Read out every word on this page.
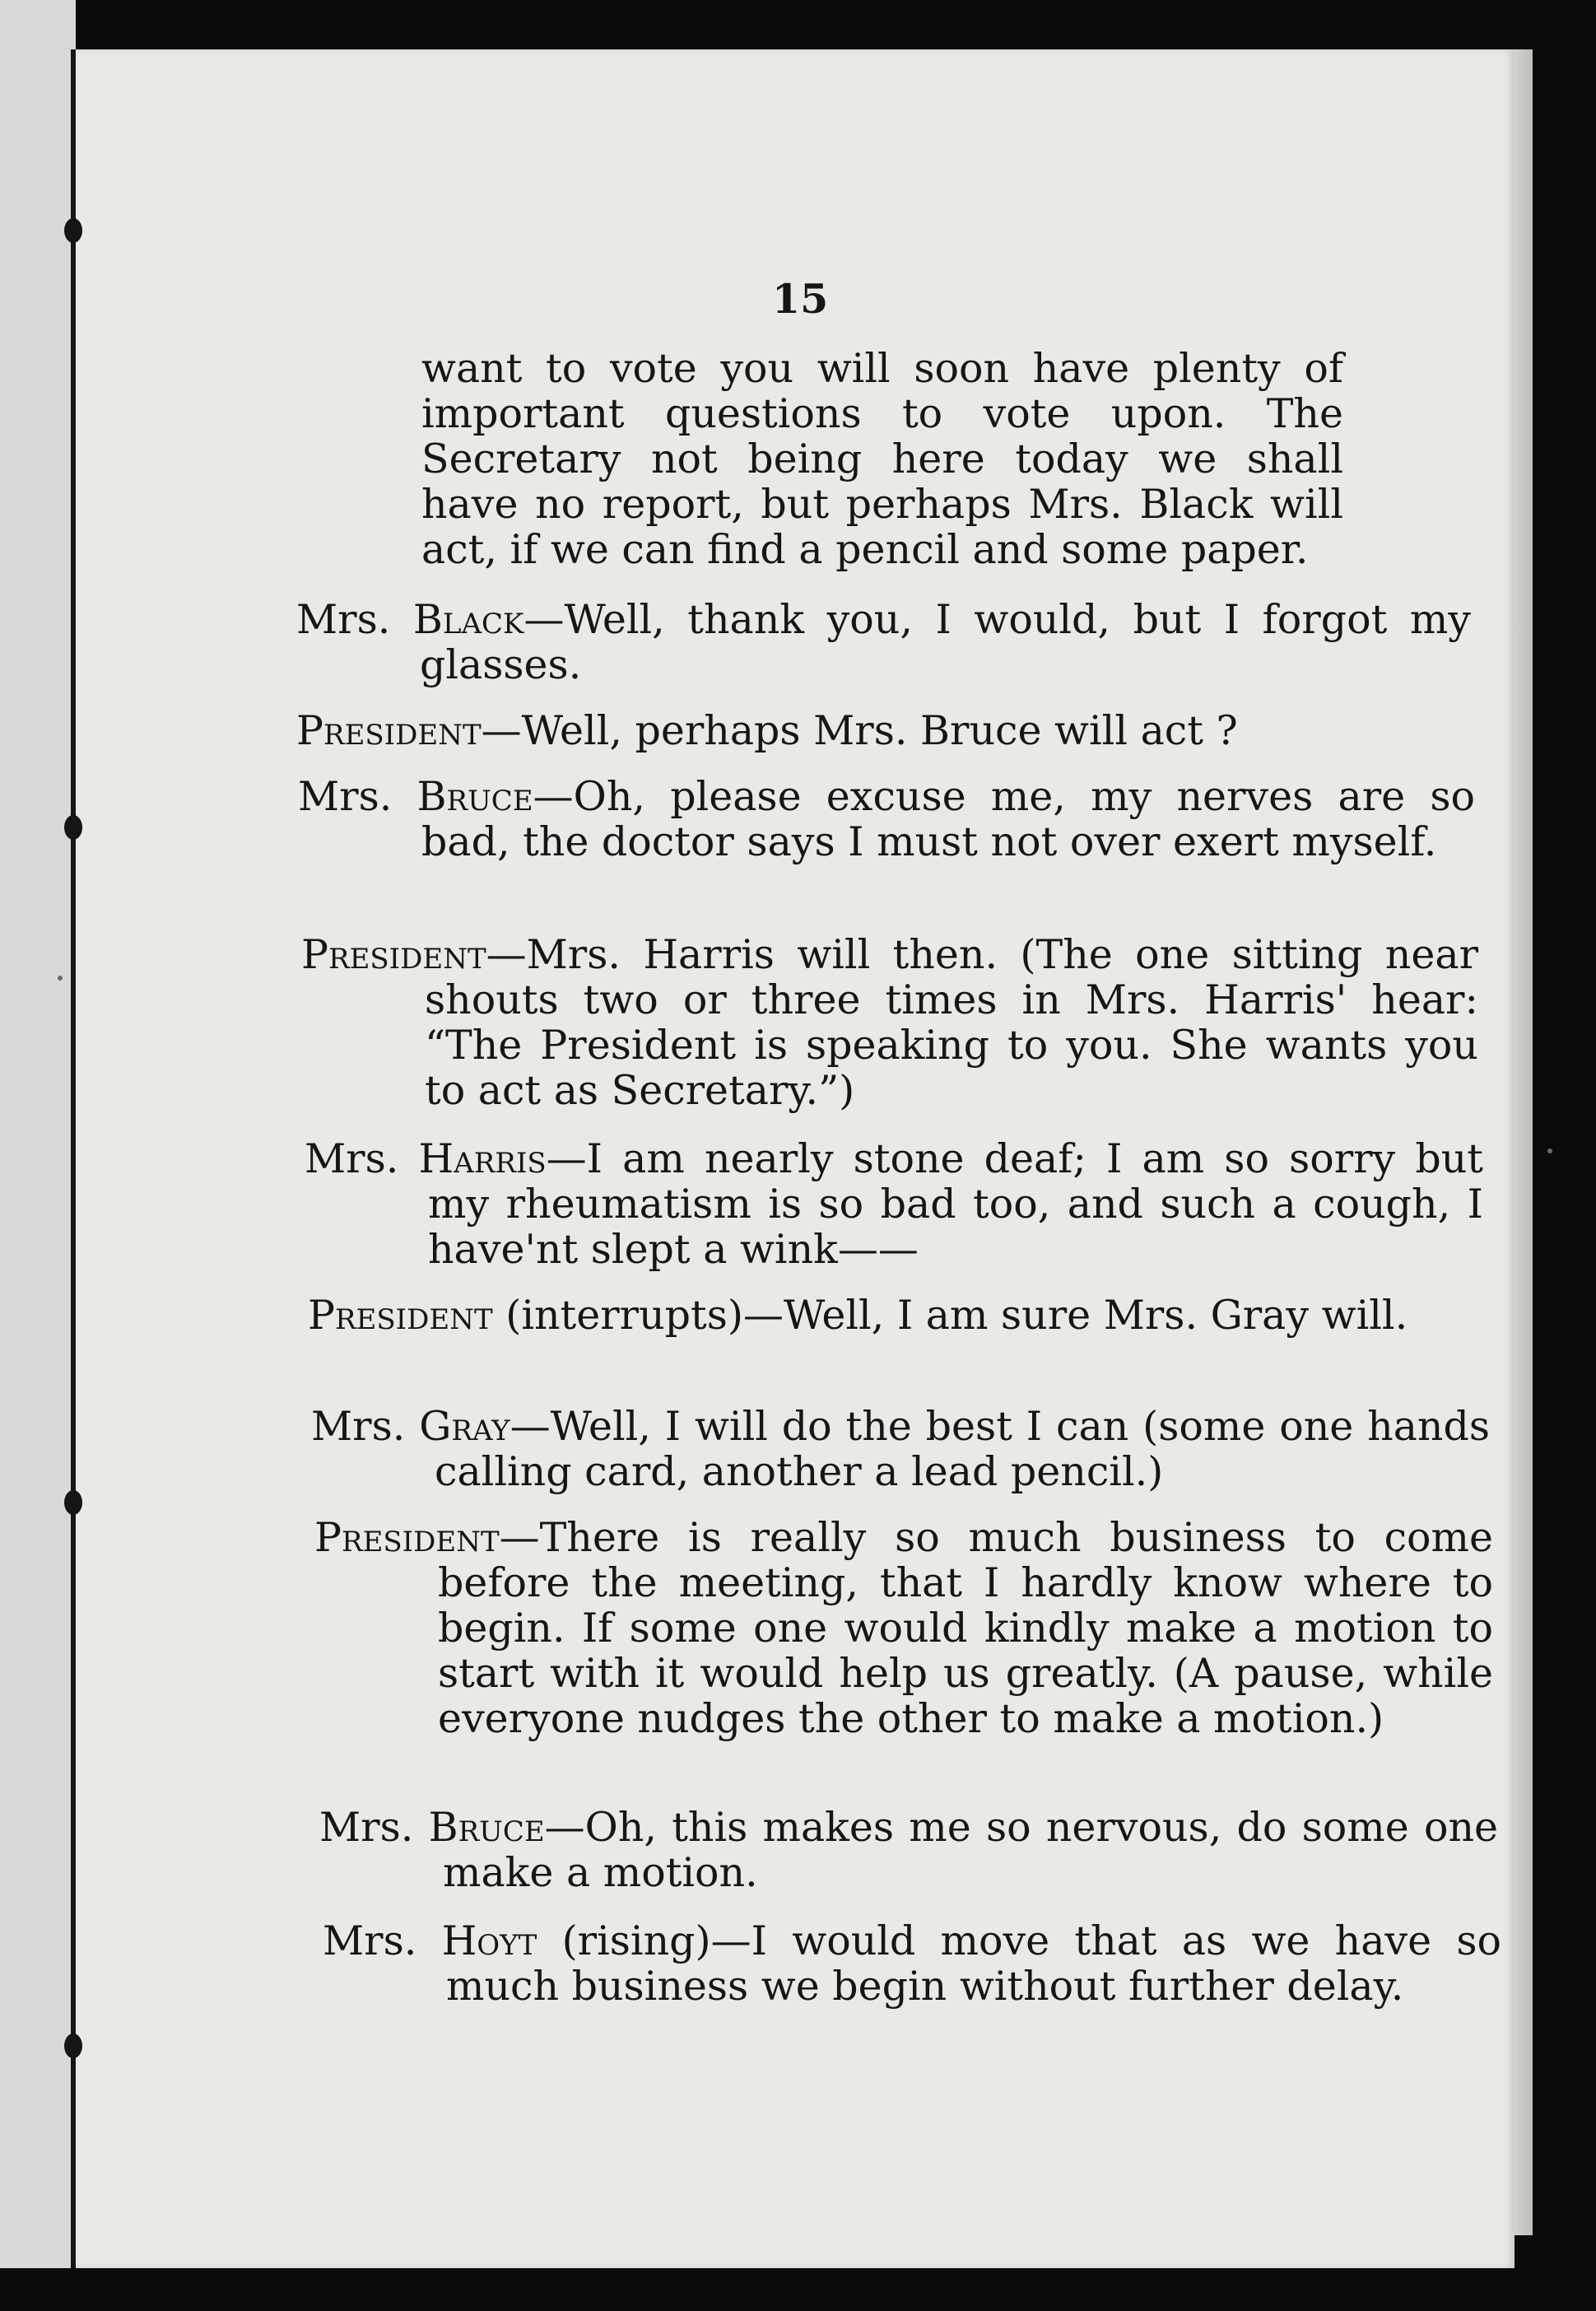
15
want to vote you will soon have plenty of important questions to vote upon. The Secretary not being here today we shall have no report, but perhaps Mrs. Black will act, if we can find a pencil and some paper.
Mrs. Black—Well, thank you, I would, but I forgot my glasses.
President—Well, perhaps Mrs. Bruce will act ?
Mrs. Bruce—Oh, please excuse me, my nerves are so bad, the doctor says I must not over exert myself.
President—Mrs. Harris will then. (The one sitting near shouts two or three times in Mrs. Harris' hear: “The President is speaking to you. She wants you to act as Secretary.”)
Mrs. Harris—I am nearly stone deaf; I am so sorry but my rheumatism is so bad too, and such a cough, I have'nt slept a wink——
President (interrupts)—Well, I am sure Mrs. Gray will.
Mrs. Gray—Well, I will do the best I can (some one hands calling card, another a lead pencil.)
President—There is really so much business to come before the meeting, that I hardly know where to begin. If some one would kindly make a motion to start with it would help us greatly. (A pause, while everyone nudges the other to make a motion.)
Mrs. Bruce—Oh, this makes me so nervous, do some one make a motion.
Mrs. Hoyt (rising)—I would move that as we have so much business we begin without further delay.
